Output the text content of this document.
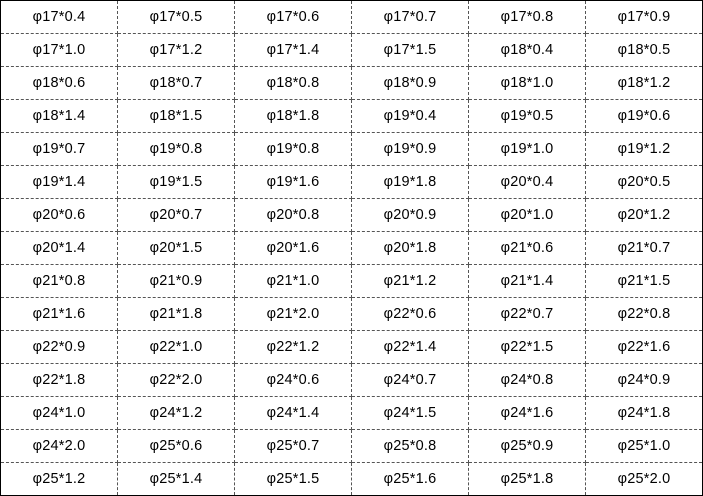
φ17*0.4	φ17*0.5	φ17*0.6	φ17*0.7	φ17*0.8	φ17*0.9
φ17*1.0	φ17*1.2	φ17*1.4	φ17*1.5	φ18*0.4	φ18*0.5
φ18*0.6	φ18*0.7	φ18*0.8	φ18*0.9	φ18*1.0	φ18*1.2
φ18*1.4	φ18*1.5	φ18*1.8	φ19*0.4	φ19*0.5	φ19*0.6
φ19*0.7	φ19*0.8	φ19*0.8	φ19*0.9	φ19*1.0	φ19*1.2
φ19*1.4	φ19*1.5	φ19*1.6	φ19*1.8	φ20*0.4	φ20*0.5
φ20*0.6	φ20*0.7	φ20*0.8	φ20*0.9	φ20*1.0	φ20*1.2
φ20*1.4	φ20*1.5	φ20*1.6	φ20*1.8	φ21*0.6	φ21*0.7
φ21*0.8	φ21*0.9	φ21*1.0	φ21*1.2	φ21*1.4	φ21*1.5
φ21*1.6	φ21*1.8	φ21*2.0	φ22*0.6	φ22*0.7	φ22*0.8
φ22*0.9	φ22*1.0	φ22*1.2	φ22*1.4	φ22*1.5	φ22*1.6
φ22*1.8	φ22*2.0	φ24*0.6	φ24*0.7	φ24*0.8	φ24*0.9
φ24*1.0	φ24*1.2	φ24*1.4	φ24*1.5	φ24*1.6	φ24*1.8
φ24*2.0	φ25*0.6	φ25*0.7	φ25*0.8	φ25*0.9	φ25*1.0
φ25*1.2	φ25*1.4	φ25*1.5	φ25*1.6	φ25*1.8	φ25*2.0
